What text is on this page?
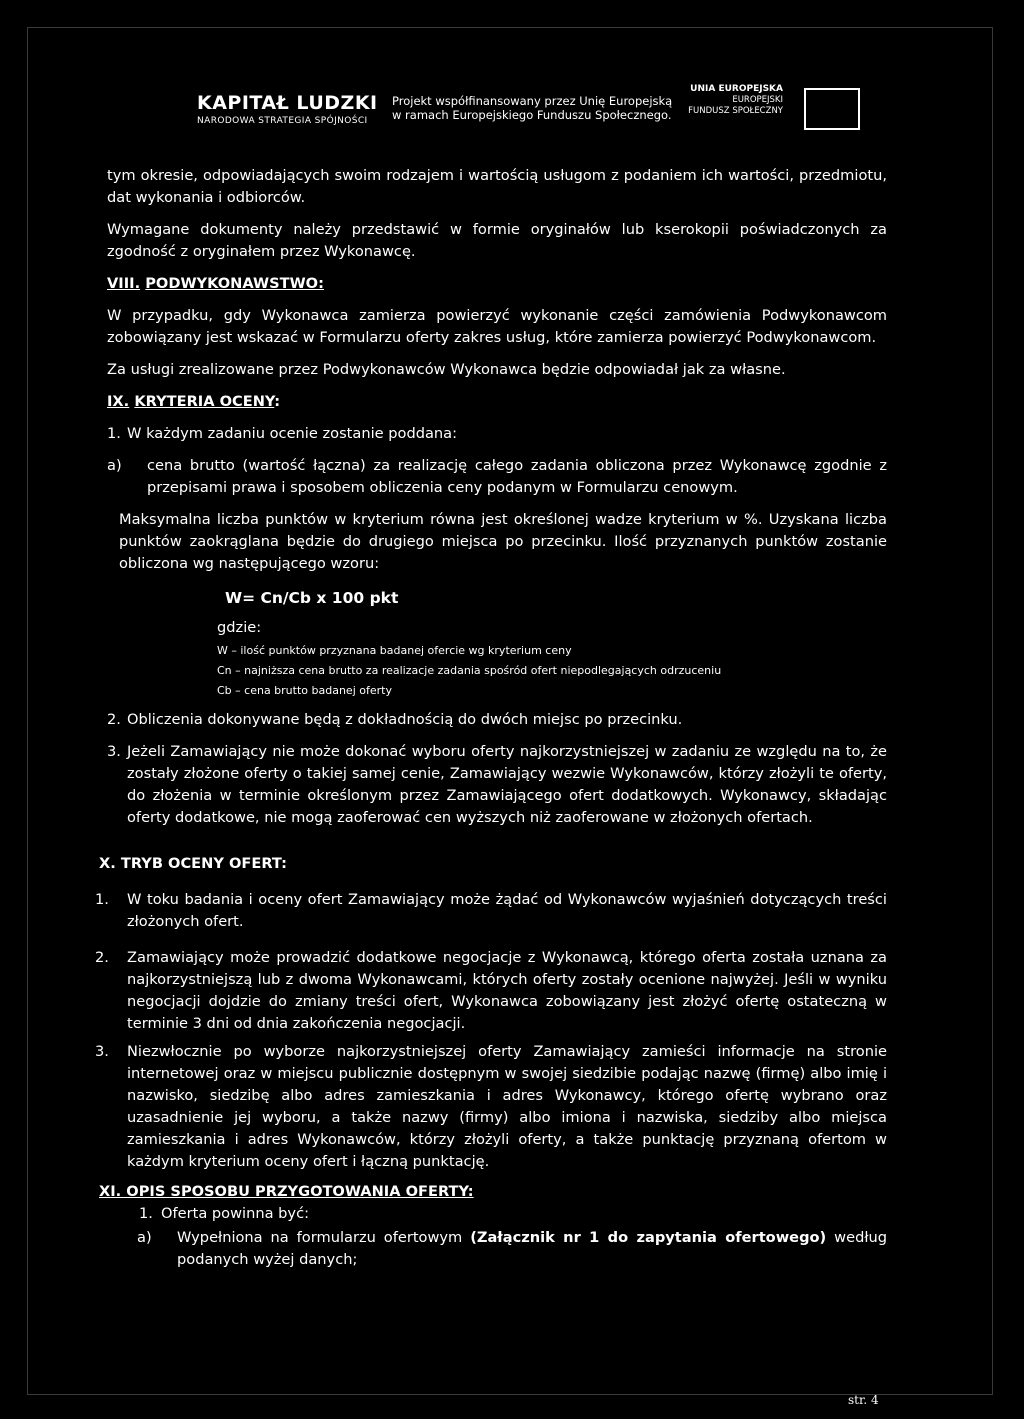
KAPITAŁ LUDZKI
NARODOWA STRATEGIA SPÓJNOŚCI
Projekt współfinansowany przez Unię Europejską
w ramach Europejskiego Funduszu Społecznego.
UNIA EUROPEJSKA
EUROPEJSKI
FUNDUSZ SPOŁECZNY

tym okresie, odpowiadających swoim rodzajem i wartością usługom z podaniem ich wartości, przedmiotu, dat wykonania i odbiorców.

Wymagane dokumenty należy przedstawić w formie oryginałów lub kserokopii poświadczonych za zgodność z oryginałem przez Wykonawcę.

VIII. PODWYKONAWSTWO:

W przypadku, gdy Wykonawca zamierza powierzyć wykonanie części zamówienia Podwykonawcom zobowiązany jest wskazać w Formularzu oferty zakres usług, które zamierza powierzyć Podwykonawcom.

Za usługi zrealizowane przez Podwykonawców Wykonawca będzie odpowiadał jak za własne.

IX. KRYTERIA OCENY:

1. W każdym zadaniu ocenie zostanie poddana:
a)	cena brutto (wartość łączna) za realizację całego zadania obliczona przez Wykonawcę zgodnie z przepisami prawa i sposobem obliczenia ceny podanym w Formularzu cenowym.

Maksymalna liczba punktów w kryterium równa jest określonej wadze kryterium w %. Uzyskana liczba punktów zaokrąglana będzie do drugiego miejsca po przecinku. Ilość przyznanych punktów zostanie obliczona wg następującego wzoru:

W= Cn/Cb x 100 pkt
gdzie:
W – ilość punktów przyznana badanej ofercie wg kryterium ceny
Cn – najniższa cena brutto za realizacje zadania spośród ofert niepodlegających odrzuceniu
Cb – cena brutto badanej oferty
2. Obliczenia dokonywane będą z dokładnością do dwóch miejsc po przecinku.
3. Jeżeli Zamawiający nie może dokonać wyboru oferty najkorzystniejszej w zadaniu ze względu na to, że zostały złożone oferty o takiej samej cenie, Zamawiający wezwie Wykonawców, którzy złożyli te oferty, do złożenia w terminie określonym przez Zamawiającego ofert dodatkowych. Wykonawcy, składając oferty dodatkowe, nie mogą zaoferować cen wyższych niż zaoferowane w złożonych ofertach.

X. TRYB OCENY OFERT:

1.	W toku badania i oceny ofert Zamawiający może żądać od Wykonawców wyjaśnień dotyczących treści złożonych ofert.
2.	Zamawiający może prowadzić dodatkowe negocjacje z Wykonawcą, którego oferta została uznana za najkorzystniejszą lub z dwoma Wykonawcami, których oferty zostały ocenione najwyżej. Jeśli w wyniku negocjacji dojdzie do zmiany treści ofert, Wykonawca zobowiązany jest złożyć ofertę ostateczną w terminie 3 dni od dnia zakończenia negocjacji.
3.	Niezwłocznie po wyborze najkorzystniejszej oferty Zamawiający zamieści informacje na stronie internetowej oraz w miejscu publicznie dostępnym w swojej siedzibie podając nazwę (firmę) albo imię i nazwisko, siedzibę albo adres zamieszkania i adres Wykonawcy, którego ofertę wybrano oraz uzasadnienie jej wyboru, a także nazwy (firmy) albo imiona i nazwiska, siedziby albo miejsca zamieszkania i adres Wykonawców, którzy złożyli oferty, a także punktację przyznaną ofertom w każdym kryterium oceny ofert i łączną punktację.

XI. OPIS SPOSOBU PRZYGOTOWANIA OFERTY:

1. Oferta powinna być:
a)	Wypełniona na formularzu ofertowym (Załącznik nr 1 do zapytania ofertowego) według podanych wyżej danych;
str. 4
